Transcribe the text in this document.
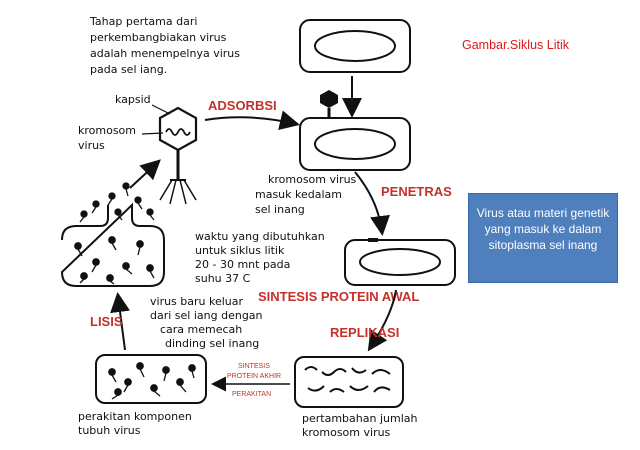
Tahap pertama dari perkembangbiakan virus adalah menempelnya virus pada sel iang.
kapsid
kromosom virus
ADSORBSI
kromosom virus masuk kedalam sel inang
PENETRAS
waktu yang dibutuhkan untuk siklus litik 20 - 30 mnt pada suhu 37 C
SINTESIS PROTEIN AWAL
REPLIKASI
pertambahan jumlah kromosom virus
SINTESIS PROTEIN AKHIR
PERAKITAN
perakitan komponen tubuh virus
LISIS
virus baru keluar dari sel iang dengan cara memecah dinding sel inang
Gambar.Siklus Litik
Virus atau materi genetik yang masuk ke dalam sitoplasma sel inang
